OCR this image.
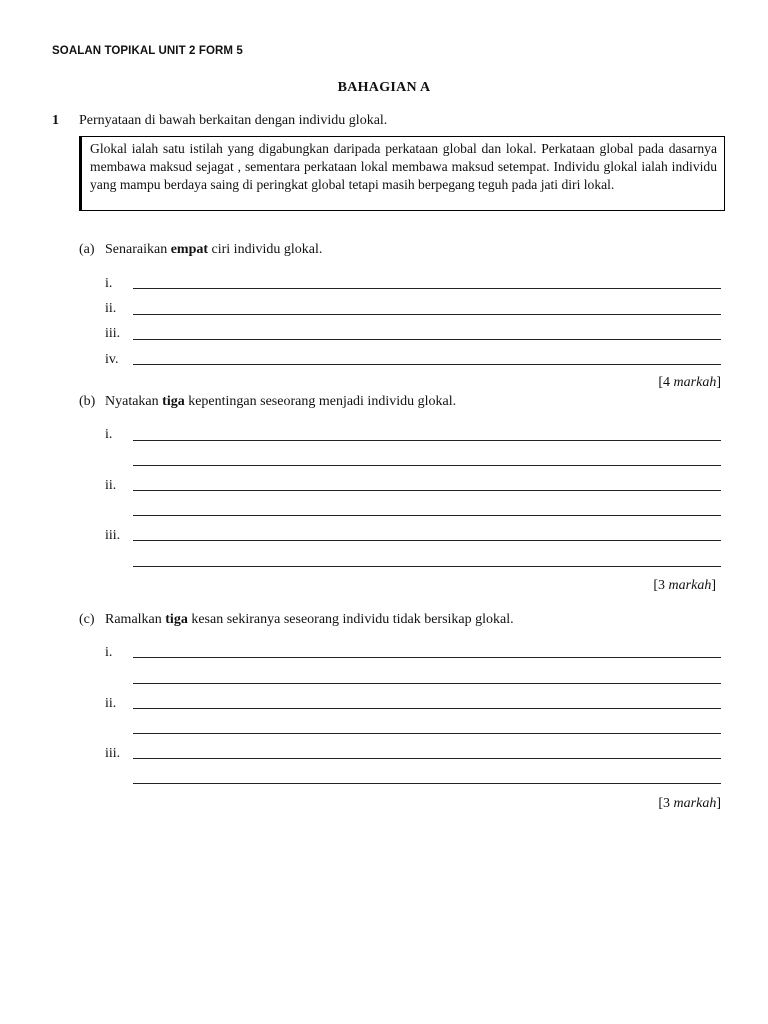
SOALAN TOPIKAL UNIT 2 FORM 5
BAHAGIAN A
1 Pernyataan di bawah berkaitan dengan individu glokal.
Glokal ialah satu istilah yang digabungkan daripada perkataan global dan lokal. Perkataan global pada dasarnya membawa maksud sejagat , sementara perkataan lokal membawa maksud setempat. Individu glokal ialah individu yang mampu berdaya saing di peringkat global tetapi masih berpegang teguh pada jati diri lokal.
(a) Senaraikan empat ciri individu glokal.
i.
ii.
iii.
iv.
[4 markah]
(b) Nyatakan tiga kepentingan seseorang menjadi individu glokal.
i.
ii.
iii.
[3 markah]
(c) Ramalkan tiga kesan sekiranya seseorang individu tidak bersikap glokal.
i.
ii.
iii.
[3 markah]
